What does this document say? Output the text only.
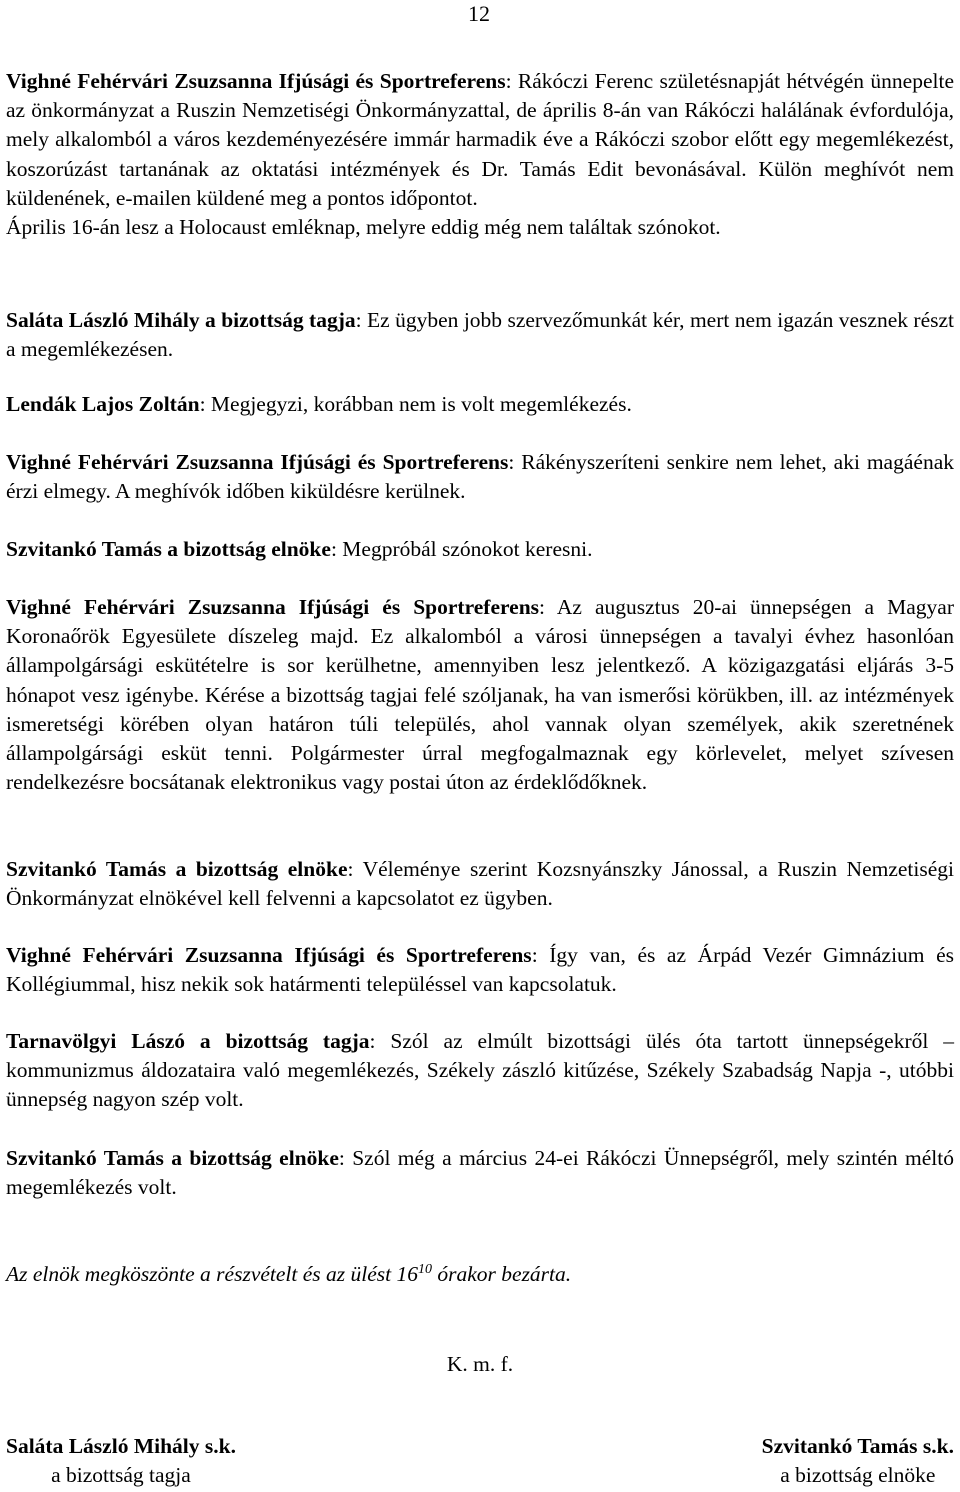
12

Vighné Fehérvári Zsuzsanna Ifjúsági és Sportreferens: Rákóczi Ferenc születésnapját hétvégén ünnepelte az önkormányzat a Ruszin Nemzetiségi Önkormányzattal, de április 8-án van Rákóczi halálának évfordulója, mely alkalomból a város kezdeményezésére immár harmadik éve a Rákóczi szobor előtt egy megemlékezést, koszorúzást tartanának az oktatási intézmények és Dr. Tamás Edit bevonásával. Külön meghívót nem küldenének, e-mailen küldené meg a pontos időpontot.
Április 16-án lesz a Holocaust emléknap, melyre eddig még nem találtak szónokot.

Saláta László Mihály a bizottság tagja: Ez ügyben jobb szervezőmunkát kér, mert nem igazán vesznek részt a megemlékezésen.

Lendák Lajos Zoltán: Megjegyzi, korábban nem is volt megemlékezés.

Vighné Fehérvári Zsuzsanna Ifjúsági és Sportreferens: Rákényszeríteni senkire nem lehet, aki magáénak érzi elmegy. A meghívók időben kiküldésre kerülnek.

Szvitankó Tamás a bizottság elnöke: Megpróbál szónokot keresni.

Vighné Fehérvári Zsuzsanna Ifjúsági és Sportreferens: Az augusztus 20-ai ünnepségen a Magyar Koronaőrök Egyesülete díszeleg majd. Ez alkalomból a városi ünnepségen a tavalyi évhez hasonlóan állampolgársági eskütételre is sor kerülhetne, amennyiben lesz jelentkező. A közigazgatási eljárás 3-5 hónapot vesz igénybe. Kérése a bizottság tagjai felé szóljanak, ha van ismerősi körükben, ill. az intézmények ismeretségi körében olyan határon túli település, ahol vannak olyan személyek, akik szeretnének állampolgársági esküt tenni. Polgármester úrral megfogalmaznak egy körlevelet, melyet szívesen rendelkezésre bocsátanak elektronikus vagy postai úton az érdeklődőknek.

Szvitankó Tamás a bizottság elnöke: Véleménye szerint Kozsnyánszky Jánossal, a Ruszin Nemzetiségi Önkormányzat elnökével kell felvenni a kapcsolatot ez ügyben.

Vighné Fehérvári Zsuzsanna Ifjúsági és Sportreferens: Így van, és az Árpád Vezér Gimnázium és Kollégiummal, hisz nekik sok határmenti településsel van kapcsolatuk.

Tarnavölgyi Lászó a bizottság tagja: Szól az elmúlt bizottsági ülés óta tartott ünnepségekről – kommunizmus áldozataira való megemlékezés, Székely zászló kitűzése, Székely Szabadság Napja -, utóbbi ünnepség nagyon szép volt.

Szvitankó Tamás a bizottság elnöke: Szól még a március 24-ei Rákóczi Ünnepségről, mely szintén méltó megemlékezés volt.

Az elnök megköszönte a részvételt és az ülést $16^{10}$ órakor bezárta.

K. m. f.

Saláta László Mihály s.k.
a bizottság tagja
Szvitankó Tamás s.k.
a bizottság elnöke
